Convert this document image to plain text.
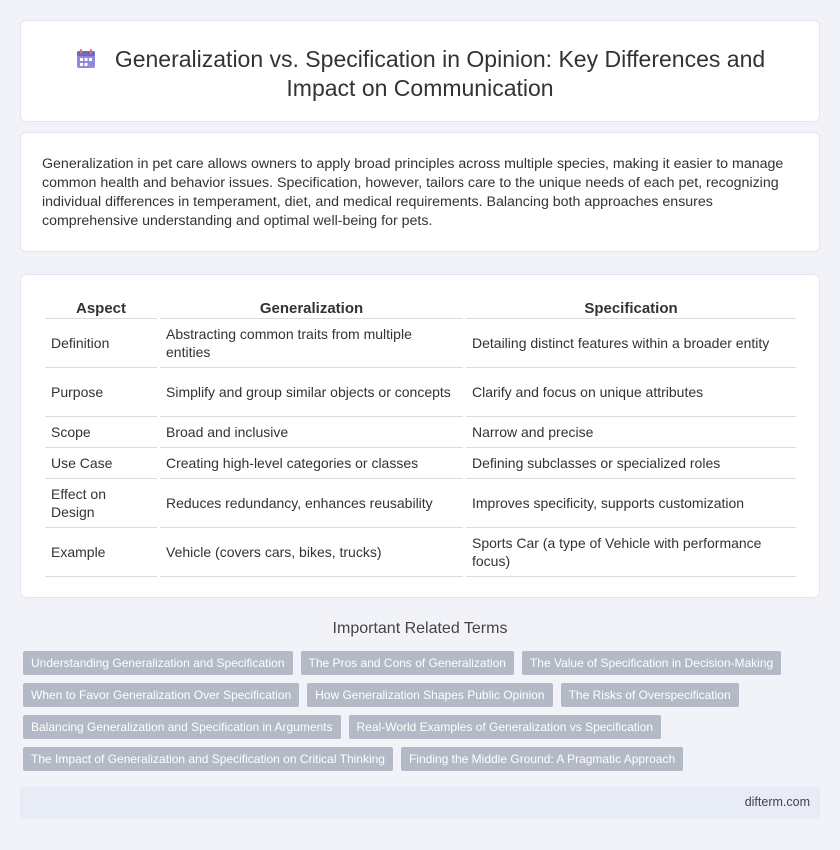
Generalization vs. Specification in Opinion: Key Differences and Impact on Communication

Generalization in pet care allows owners to apply broad principles across multiple species, making it easier to manage common health and behavior issues. Specification, however, tailors care to the unique needs of each pet, recognizing individual differences in temperament, diet, and medical requirements. Balancing both approaches ensures comprehensive understanding and optimal well-being for pets.

Aspect	Generalization	Specification
Definition	Abstracting common traits from multiple entities	Detailing distinct features within a broader entity
Purpose	Simplify and group similar objects or concepts	Clarify and focus on unique attributes
Scope	Broad and inclusive	Narrow and precise
Use Case	Creating high-level categories or classes	Defining subclasses or specialized roles
Effect on Design	Reduces redundancy, enhances reusability	Improves specificity, supports customization
Example	Vehicle (covers cars, bikes, trucks)	Sports Car (a type of Vehicle with performance focus)
Important Related Terms
Understanding Generalization and Specification The Pros and Cons of Generalization The Value of Specification in Decision-Making
When to Favor Generalization Over Specification How Generalization Shapes Public Opinion The Risks of Overspecification
Balancing Generalization and Specification in Arguments Real-World Examples of Generalization vs Specification
The Impact of Generalization and Specification on Critical Thinking Finding the Middle Ground: A Pragmatic Approach
difterm.com
